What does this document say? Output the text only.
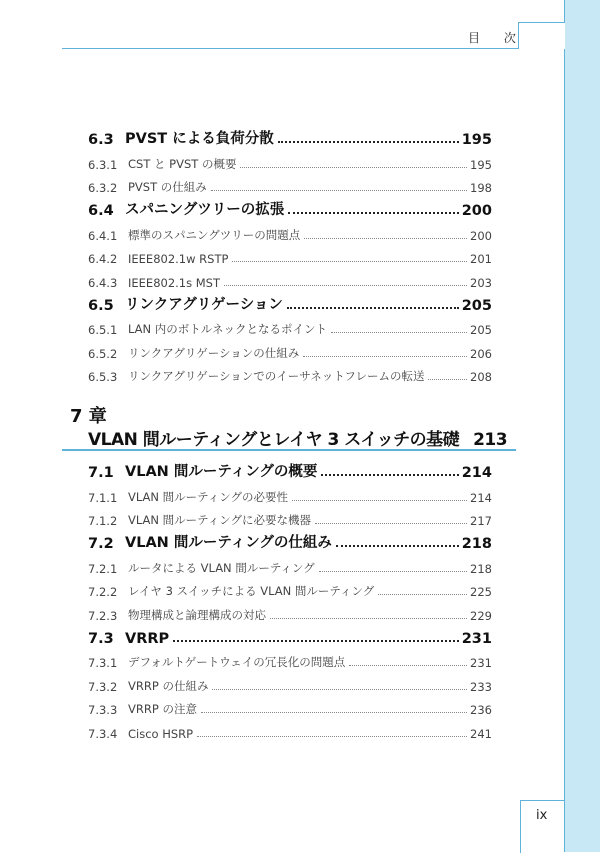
目 次
6.3 PVST による負荷分散	195
6.3.1 CST と PVST の概要	195
6.3.2 PVST の仕組み	198
6.4 スパニングツリーの拡張	200
6.4.1 標準のスパニングツリーの問題点	200
6.4.2 IEEE802.1w RSTP	201
6.4.3 IEEE802.1s MST	203
6.5 リンクアグリゲーション	205
6.5.1 LAN 内のボトルネックとなるポイント	205
6.5.2 リンクアグリゲーションの仕組み	206
6.5.3 リンクアグリゲーションでのイーサネットフレームの転送	208
7 章
VLAN 間ルーティングとレイヤ 3 スイッチの基礎 213
7.1 VLAN 間ルーティングの概要	214
7.1.1 VLAN 間ルーティングの必要性	214
7.1.2 VLAN 間ルーティングに必要な機器	217
7.2 VLAN 間ルーティングの仕組み	218
7.2.1 ルータによる VLAN 間ルーティング	218
7.2.2 レイヤ 3 スイッチによる VLAN 間ルーティング	225
7.2.3 物理構成と論理構成の対応	229
7.3 VRRP	231
7.3.1 デフォルトゲートウェイの冗長化の問題点	231
7.3.2 VRRP の仕組み	233
7.3.3 VRRP の注意	236
7.3.4 Cisco HSRP	241
ix
